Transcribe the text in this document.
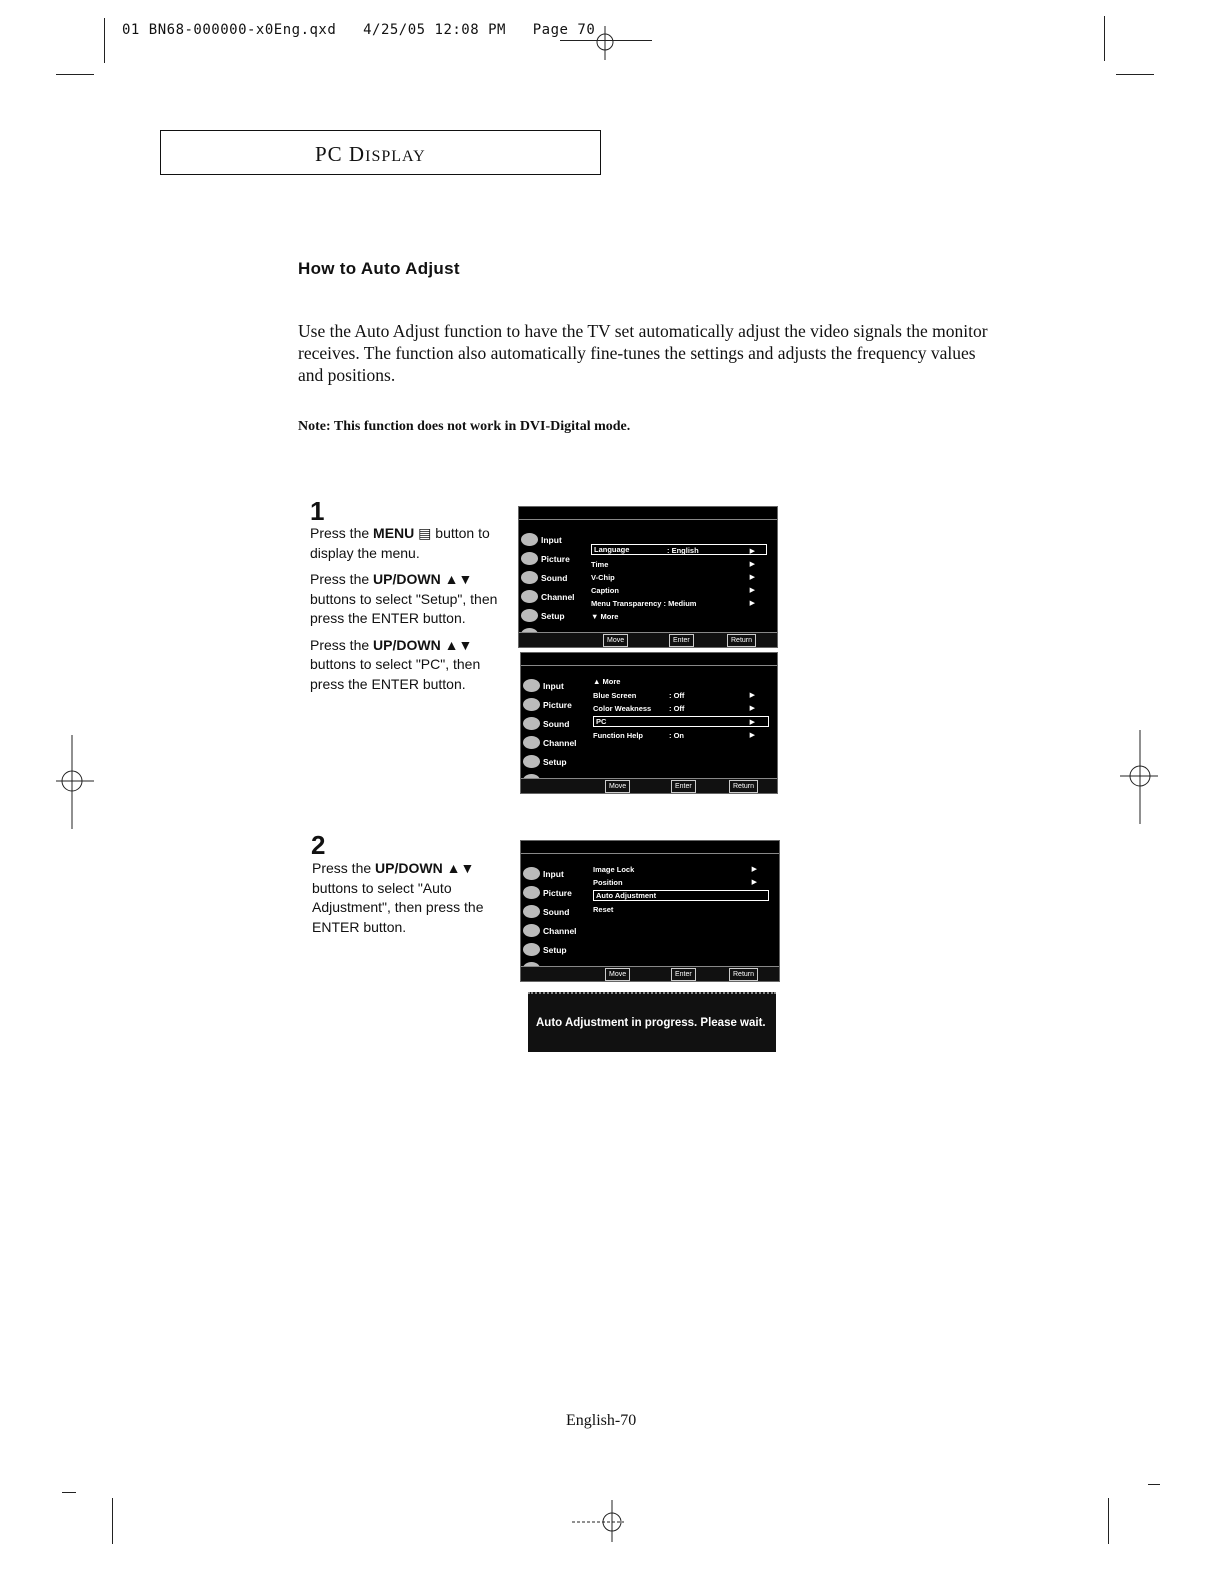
01 BN68-000000-x0Eng.qxd 4/25/05 12:08 PM Page 70
PC DISPLAY
How to Auto Adjust
Use the Auto Adjust function to have the TV set automatically adjust the video signals the monitor receives. The function also automatically fine-tunes the settings and adjusts the frequency values and positions.
Note: This function does not work in DVI-Digital mode.
1
Press the MENU ▤ button to display the menu.
Press the UP/DOWN ▲▼ buttons to select "Setup", then press the ENTER button.
Press the UP/DOWN ▲▼ buttons to select "PC", then press the ENTER button.
Input
Picture
Sound
Channel
Setup
Language	: English	▶
Time	▶
V-Chip	▶
Caption	▶
Menu Transparency : Medium	▶
▼ More
Move	Enter	Return
Input
Picture
Sound
Channel
Setup
▲ More
Blue Screen	: Off	▶
Color Weakness : Off	▶
PC	▶
Function Help	: On	▶
Move	Enter	Return
2
Press the UP/DOWN ▲▼ buttons to select "Auto Adjustment", then press the ENTER button.
Input
Picture
Sound
Channel
Setup
Image Lock	▶
Position	▶
Auto Adjustment
Reset
Move	Enter	Return
Auto Adjustment in progress. Please wait.
English-70
